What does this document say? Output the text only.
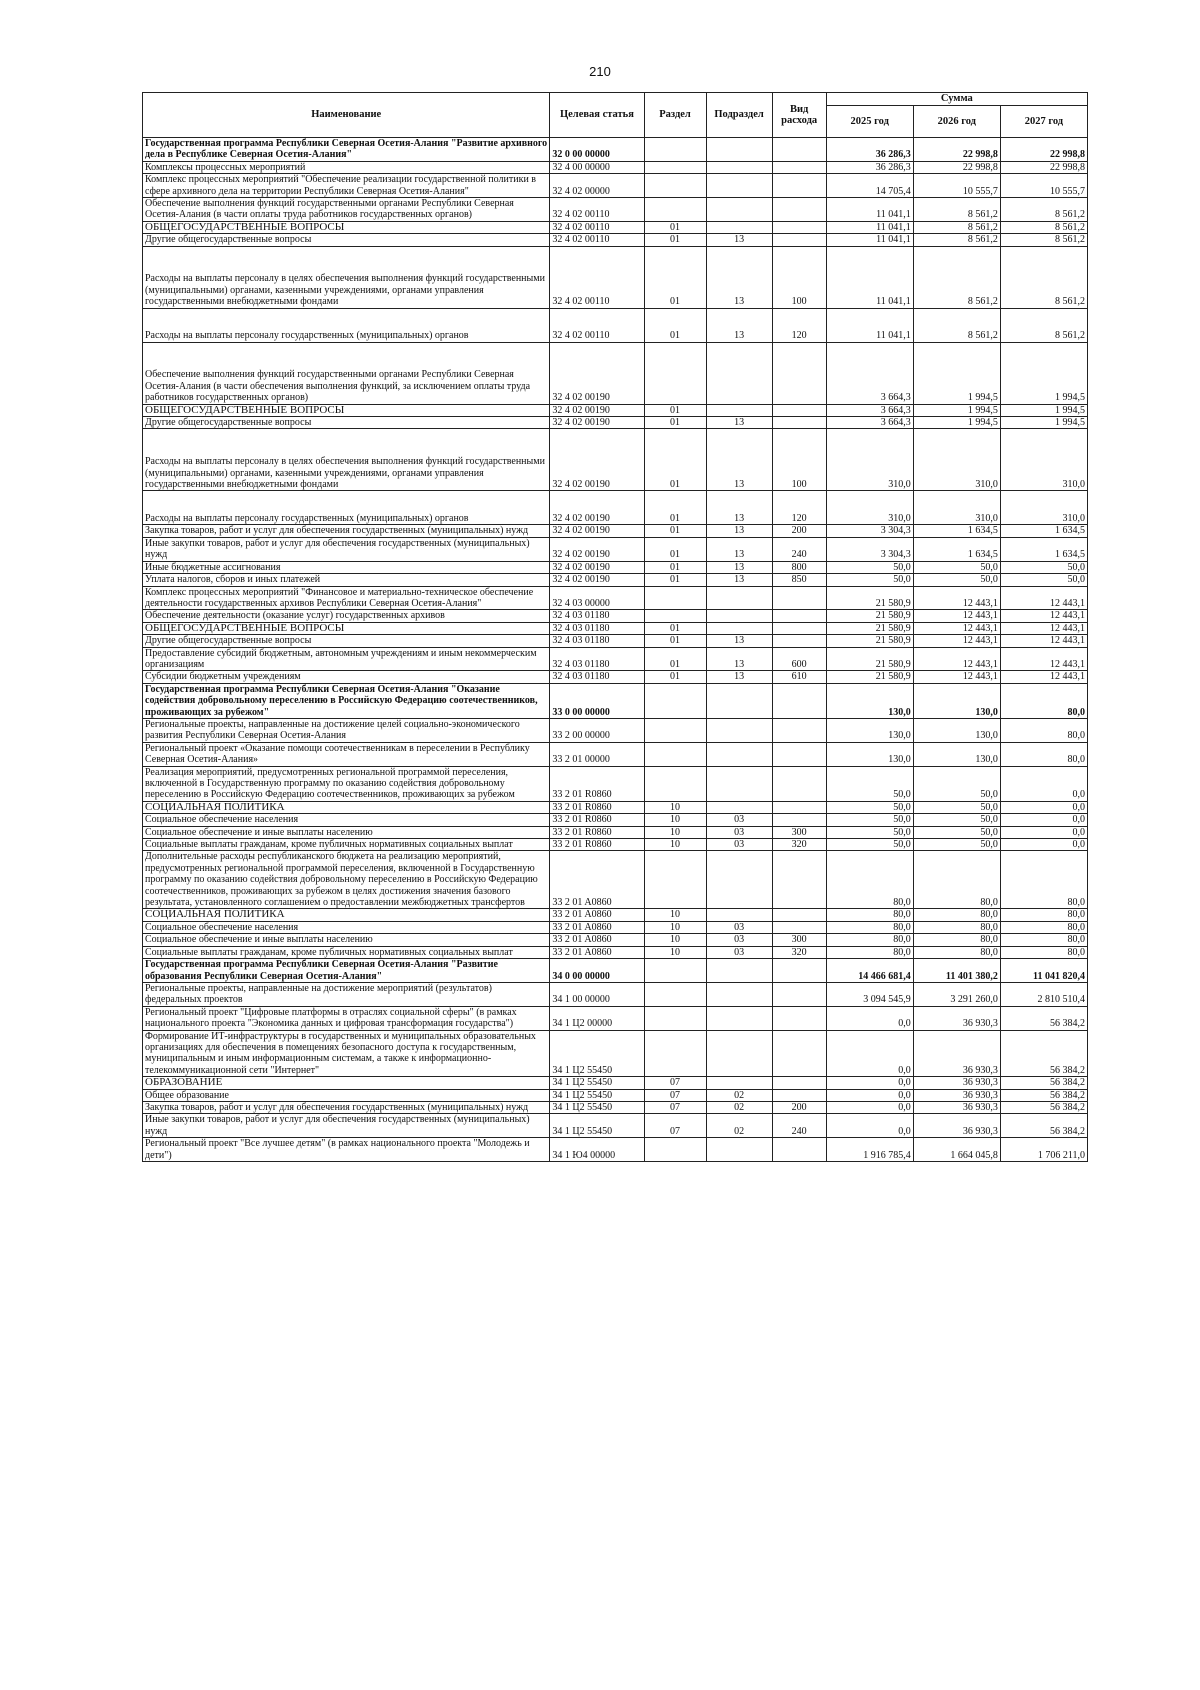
210
Наименование	Целевая статья	Раздел	Подраздел	Вид расхода	Сумма		
					2025 год	2026 год	2027 год
Государственная программа Республики Северная Осетия-Алания "Развитие архивного дела в Республике Северная Осетия-Алания"	32 0 00 00000				36 286,3	22 998,8	22 998,8
Комплексы процессных мероприятий	32 4 00 00000				36 286,3	22 998,8	22 998,8
Комплекс процессных мероприятий "Обеспечение реализации государственной политики в сфере архивного дела на территории Республики Северная Осетия-Алания"	32 4 02 00000				14 705,4	10 555,7	10 555,7
Обеспечение выполнения функций государственными органами Республики Северная Осетия-Алания (в части оплаты труда работников государственных органов)	32 4 02 00110				11 041,1	8 561,2	8 561,2
ОБЩЕГОСУДАРСТВЕННЫЕ ВОПРОСЫ	32 4 02 00110	01			11 041,1	8 561,2	8 561,2
Другие общегосударственные вопросы	32 4 02 00110	01	13		11 041,1	8 561,2	8 561,2
Расходы на выплаты персоналу в целях обеспечения выполнения функций государственными (муниципальными) органами, казенными учреждениями, органами управления государственными внебюджетными фондами	32 4 02 00110	01	13	100	11 041,1	8 561,2	8 561,2
Расходы на выплаты персоналу государственных (муниципальных) органов	32 4 02 00110	01	13	120	11 041,1	8 561,2	8 561,2
Обеспечение выполнения функций государственными органами Республики Северная Осетия-Алания (в части обеспечения выполнения функций, за исключением оплаты труда работников государственных органов)	32 4 02 00190				3 664,3	1 994,5	1 994,5
ОБЩЕГОСУДАРСТВЕННЫЕ ВОПРОСЫ	32 4 02 00190	01			3 664,3	1 994,5	1 994,5
Другие общегосударственные вопросы	32 4 02 00190	01	13		3 664,3	1 994,5	1 994,5
Расходы на выплаты персоналу в целях обеспечения выполнения функций государственными (муниципальными) органами, казенными учреждениями, органами управления государственными внебюджетными фондами	32 4 02 00190	01	13	100	310,0	310,0	310,0
Расходы на выплаты персоналу государственных (муниципальных) органов	32 4 02 00190	01	13	120	310,0	310,0	310,0
Закупка товаров, работ и услуг для обеспечения государственных (муниципальных) нужд	32 4 02 00190	01	13	200	3 304,3	1 634,5	1 634,5
Иные закупки товаров, работ и услуг для обеспечения государственных (муниципальных) нужд	32 4 02 00190	01	13	240	3 304,3	1 634,5	1 634,5
Иные бюджетные ассигнования	32 4 02 00190	01	13	800	50,0	50,0	50,0
Уплата налогов, сборов и иных платежей	32 4 02 00190	01	13	850	50,0	50,0	50,0
Комплекс процессных мероприятий "Финансовое и материально-техническое обеспечение деятельности государственных архивов Республики Северная Осетия-Алания"	32 4 03 00000				21 580,9	12 443,1	12 443,1
Обеспечение деятельности (оказание услуг) государственных архивов	32 4 03 01180				21 580,9	12 443,1	12 443,1
ОБЩЕГОСУДАРСТВЕННЫЕ ВОПРОСЫ	32 4 03 01180	01			21 580,9	12 443,1	12 443,1
Другие общегосударственные вопросы	32 4 03 01180	01	13		21 580,9	12 443,1	12 443,1
Предоставление субсидий бюджетным, автономным учреждениям и иным некоммерческим организациям	32 4 03 01180	01	13	600	21 580,9	12 443,1	12 443,1
Субсидии бюджетным учреждениям	32 4 03 01180	01	13	610	21 580,9	12 443,1	12 443,1
Государственная программа Республики Северная Осетия-Алания "Оказание содействия добровольному переселению в Российскую Федерацию соотечественников, проживающих за рубежом"	33 0 00 00000				130,0	130,0	80,0
Региональные проекты, направленные на достижение целей социально-экономического развития Республики Северная Осетия-Алания	33 2 00 00000				130,0	130,0	80,0
Региональный проект «Оказание помощи соотечественникам в переселении в Республику Северная Осетия-Алания»	33 2 01 00000				130,0	130,0	80,0
Реализация мероприятий, предусмотренных региональной программой переселения, включенной в Государственную программу по оказанию содействия добровольному переселению в Российскую Федерацию соотечественников, проживающих за рубежом	33 2 01 R0860				50,0	50,0	0,0
СОЦИАЛЬНАЯ ПОЛИТИКА	33 2 01 R0860	10			50,0	50,0	0,0
Социальное обеспечение населения	33 2 01 R0860	10	03		50,0	50,0	0,0
Социальное обеспечение и иные выплаты населению	33 2 01 R0860	10	03	300	50,0	50,0	0,0
Социальные выплаты гражданам, кроме публичных нормативных социальных выплат	33 2 01 R0860	10	03	320	50,0	50,0	0,0
Дополнительные расходы республиканского бюджета на реализацию мероприятий, предусмотренных региональной программой переселения, включенной в Государственную программу по оказанию содействия добровольному переселению в Российскую Федерацию соотечественников, проживающих за рубежом в целях достижения значения базового результата, установленного соглашением о предоставлении межбюджетных трансфертов	33 2 01 A0860				80,0	80,0	80,0
СОЦИАЛЬНАЯ ПОЛИТИКА	33 2 01 A0860	10			80,0	80,0	80,0
Социальное обеспечение населения	33 2 01 A0860	10	03		80,0	80,0	80,0
Социальное обеспечение и иные выплаты населению	33 2 01 A0860	10	03	300	80,0	80,0	80,0
Социальные выплаты гражданам, кроме публичных нормативных социальных выплат	33 2 01 A0860	10	03	320	80,0	80,0	80,0
Государственная программа Республики Северная Осетия-Алания "Развитие образования Республики Северная Осетия-Алания"	34 0 00 00000				14 466 681,4	11 401 380,2	11 041 820,4
Региональные проекты, направленные на достижение мероприятий (результатов) федеральных проектов	34 1 00 00000				3 094 545,9	3 291 260,0	2 810 510,4
Региональный проект "Цифровые платформы в отраслях социальной сферы" (в рамках национального проекта "Экономика данных и цифровая трансформация государства")	34 1 Ц2 00000				0,0	36 930,3	56 384,2
Формирование ИТ-инфраструктуры в государственных и муниципальных образовательных организациях для обеспечения в помещениях безопасного доступа к государственным, муниципальным и иным информационным системам, а также к информационно-телекоммуникационной сети "Интернет"	34 1 Ц2 55450				0,0	36 930,3	56 384,2
ОБРАЗОВАНИЕ	34 1 Ц2 55450	07			0,0	36 930,3	56 384,2
Общее образование	34 1 Ц2 55450	07	02		0,0	36 930,3	56 384,2
Закупка товаров, работ и услуг для обеспечения государственных (муниципальных) нужд	34 1 Ц2 55450	07	02	200	0,0	36 930,3	56 384,2
Иные закупки товаров, работ и услуг для обеспечения государственных (муниципальных) нужд	34 1 Ц2 55450	07	02	240	0,0	36 930,3	56 384,2
Региональный проект "Все лучшее детям" (в рамках национального проекта "Молодежь и дети")	34 1 Ю4 00000				1 916 785,4	1 664 045,8	1 706 211,0
